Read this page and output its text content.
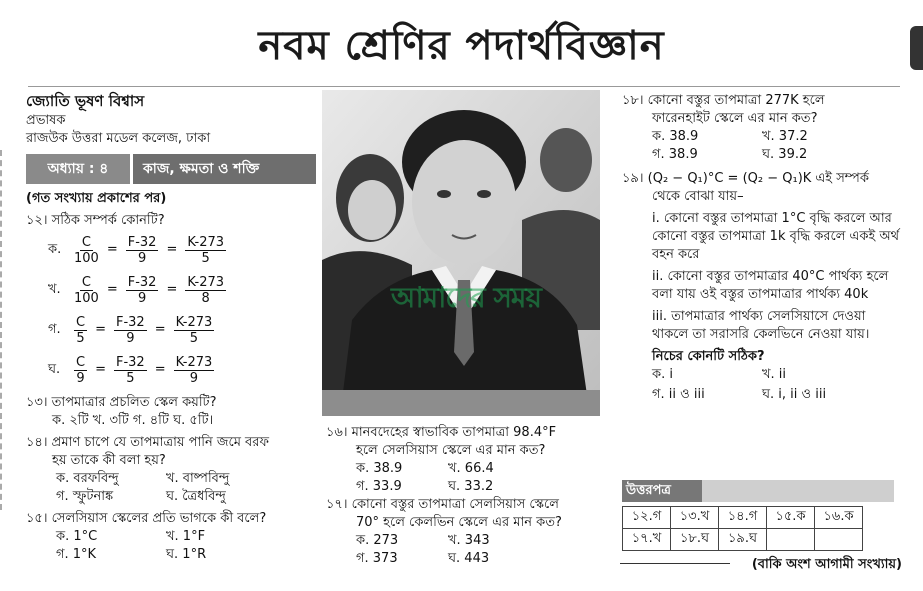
নবম শ্রেণির পদার্থবিজ্ঞান
জ্যোতি ভূষণ বিশ্বাস
প্রভাষক
রাজউক উত্তরা মডেল কলেজ, ঢাকা
অধ্যায় : ৪	কাজ, ক্ষমতা ও শক্তি
(গত সংখ্যায় প্রকাশের পর)
১২। সঠিক সম্পর্ক কোনটি?
ক. $\frac{C}{100} = \frac{F-32}{9} = \frac{K-273}{5}$
খ.	$\frac{C}{100} = \frac{F-32}{9} = \frac{K-273}{8}$
গ.	$\frac{C}{5} = \frac{F-32}{9} = \frac{K-273}{5}$
ঘ.	$\frac{C}{9} = \frac{F-32}{5} = \frac{K-273}{9}$
১৩। তাপমাত্রার প্রচলিত স্কেল কয়টি?
ক. ২টি খ. ৩টি গ. ৪টি ঘ. ৫টি।
১৪। প্রমাণ চাপে যে তাপমাত্রায় পানি জমে বরফ
হয় তাকে কী বলা হয়?
ক. বরফবিন্দু	খ. বাষ্পবিন্দু
গ. স্ফুটনাঙ্ক	ঘ. ত্রৈধবিন্দু
১৫। সেলসিয়াস স্কেলের প্রতি ভাগকে কী বলে?
ক. 1°C	খ. 1°F
গ. 1°K	ঘ. 1°R
আমাদের সময়
১৬। মানবদেহের স্বাভাবিক তাপমাত্রা 98.4°F
হলে সেলসিয়াস স্কেলে এর মান কত?
ক. 38.9	খ. 66.4
গ. 33.9	ঘ. 33.2
১৭। কোনো বস্তুর তাপমাত্রা সেলসিয়াস স্কেলে
70° হলে কেলভিন স্কেলে এর মান কত?
ক. 273	খ. 343
গ. 373	ঘ. 443
১৮। কোনো বস্তুর তাপমাত্রা 277K হলে
ফারেনহাইট স্কেলে এর মান কত?
ক. 38.9	খ. 37.2
গ. 38.9	ঘ. 39.2
১৯। (Q₂ − Q₁)°C = (Q₂ − Q₁)K এই সম্পর্ক
থেকে বোঝা যায়–
i. কোনো বস্তুর তাপমাত্রা 1°C বৃদ্ধি করলে আর কোনো বস্তুর তাপমাত্রা 1k বৃদ্ধি করলে একই অর্থ বহন করে
ii. কোনো বস্তুর তাপমাত্রার 40°C পার্থক্য হলে বলা যায় ওই বস্তুর তাপমাত্রার পার্থক্য 40k
iii. তাপমাত্রার পার্থক্য সেলসিয়াসে দেওয়া থাকলে তা সরাসরি কেলভিনে নেওয়া যায়।
নিচের কোনটি সঠিক?
ক. i	খ. ii
গ. ii ও iii	ঘ. i, ii ও iii
উত্তরপত্র
১২.গ	১৩.খ	১৪.গ	১৫.ক	১৬.ক
১৭.খ	১৮.ঘ	১৯.ঘ		
(বাকি অংশ আগামী সংখ্যায়)
